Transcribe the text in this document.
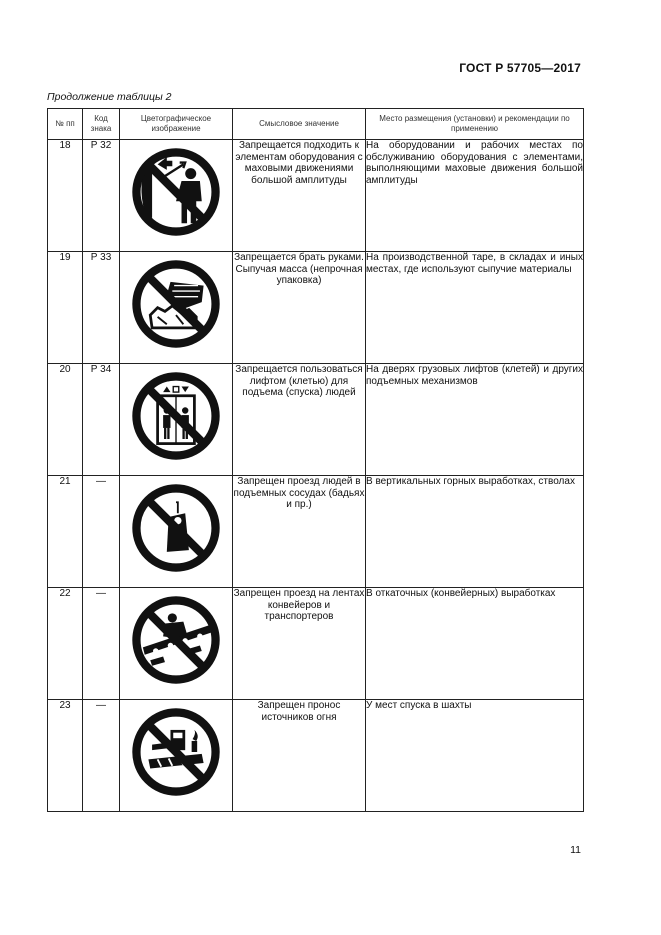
ГОСТ Р 57705—2017
Продолжение таблицы 2
№ пп	Код знака	Цветографическое изображение	Смысловое значение	Место размещения (установки) и рекомендации по применению
18	Р 32		Запрещается подходить к элементам оборудования с маховыми движениями большой амплитуды	На оборудовании и рабочих местах по обслуживанию оборудования с элементами, выполняющими маховые движения большой амплитуды
19	Р 33		Запрещается брать руками. Сыпучая масса (непрочная упаковка)	На производственной таре, в складах и иных местах, где используют сыпучие материалы
20	Р 34		Запрещается пользоваться лифтом (клетью) для подъема (спуска) людей	На дверях грузовых лифтов (клетей) и других подъемных механизмов
21	—		Запрещен проезд людей в подъемных сосудах (бадьях и пр.)	В вертикальных горных выработках, стволах
22	—		Запрещен проезд на лентах конвейеров и транспортеров	В откаточных (конвейерных) выработках
23	—		Запрещен пронос источников огня	У мест спуска в шахты
11
